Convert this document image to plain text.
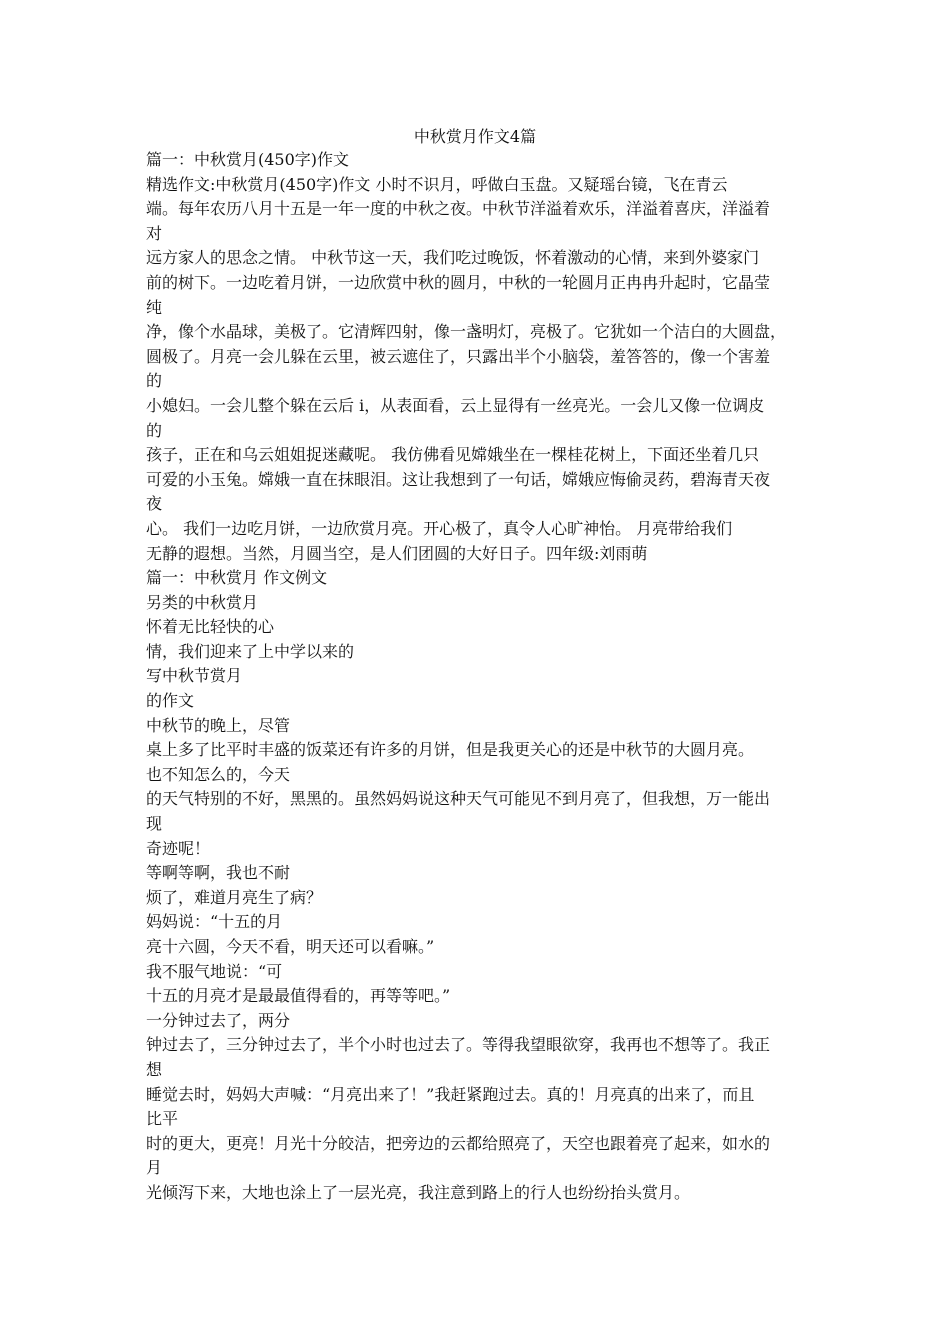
中秋赏月作文4篇
篇一：中秋赏月(450字)作文
精选作文:中秋赏月(450字)作文 小时不识月，呼做白玉盘。又疑瑶台镜，飞在青云
端。每年农历八月十五是一年一度的中秋之夜。中秋节洋溢着欢乐，洋溢着喜庆，洋溢着
对
远方家人的思念之情。 中秋节这一天，我们吃过晚饭，怀着激动的心情，来到外婆家门
前的树下。一边吃着月饼，一边欣赏中秋的圆月，中秋的一轮圆月正冉冉升起时，它晶莹
纯
净，像个水晶球，美极了。它清辉四射，像一盏明灯，亮极了。它犹如一个洁白的大圆盘，
圆极了。月亮一会儿躲在云里，被云遮住了，只露出半个小脑袋，羞答答的，像一个害羞
的
小媳妇。一会儿整个躲在云后 i，从表面看，云上显得有一丝亮光。一会儿又像一位调皮
的
孩子，正在和乌云姐姐捉迷藏呢。 我仿佛看见嫦娥坐在一棵桂花树上，下面还坐着几只
可爱的小玉兔。嫦娥一直在抹眼泪。这让我想到了一句话，嫦娥应悔偷灵药，碧海青天夜
夜
心。 我们一边吃月饼，一边欣赏月亮。开心极了，真令人心旷神怡。 月亮带给我们
无静的遐想。当然，月圆当空，是人们团圆的大好日子。四年级:刘雨萌
篇一：中秋赏月 作文例文
另类的中秋赏月
怀着无比轻快的心
情，我们迎来了上中学以来的
写中秋节赏月
的作文
中秋节的晚上，尽管
桌上多了比平时丰盛的饭菜还有许多的月饼，但是我更关心的还是中秋节的大圆月亮。
也不知怎么的，今天
的天气特别的不好，黑黑的。虽然妈妈说这种天气可能见不到月亮了，但我想，万一能出
现
奇迹呢！
等啊等啊，我也不耐
烦了，难道月亮生了病？
妈妈说：“十五的月
亮十六圆，今天不看，明天还可以看嘛。”
我不服气地说：“可
十五的月亮才是最最值得看的，再等等吧。”
一分钟过去了，两分
钟过去了，三分钟过去了，半个小时也过去了。等得我望眼欲穿，我再也不想等了。我正
想
睡觉去时，妈妈大声喊：“月亮出来了！”我赶紧跑过去。真的！月亮真的出来了，而且
比平
时的更大，更亮！月光十分皎洁，把旁边的云都给照亮了，天空也跟着亮了起来，如水的
月
光倾泻下来，大地也涂上了一层光亮，我注意到路上的行人也纷纷抬头赏月。
